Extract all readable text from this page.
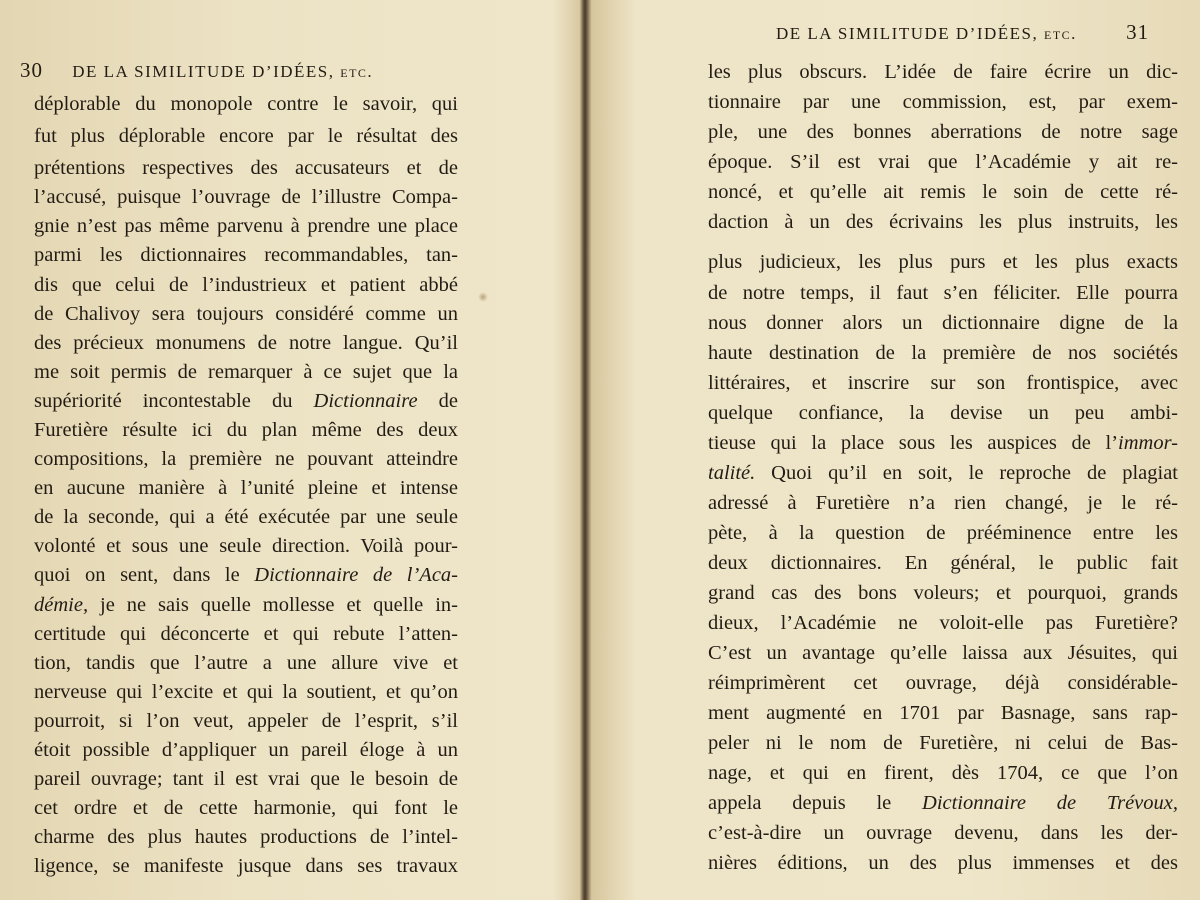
30 DE LA SIMILITUDE D’IDÉES, etc.
déplorable du monopole contre le savoir, qui
fut plus déplorable encore par le résultat des
prétentions respectives des accusateurs et de
l’accusé, puisque l’ouvrage de l’illustre Compa-
gnie n’est pas même parvenu à prendre une place
parmi les dictionnaires recommandables, tan-
dis que celui de l’industrieux et patient abbé
de Chalivoy sera toujours considéré comme un
des précieux monumens de notre langue. Qu’il
me soit permis de remarquer à ce sujet que la
supériorité incontestable du Dictionnaire de
Furetière résulte ici du plan même des deux
compositions, la première ne pouvant atteindre
en aucune manière à l’unité pleine et intense
de la seconde, qui a été exécutée par une seule
volonté et sous une seule direction. Voilà pour-
quoi on sent, dans le Dictionnaire de l’Aca-
démie, je ne sais quelle mollesse et quelle in-
certitude qui déconcerte et qui rebute l’atten-
tion, tandis que l’autre a une allure vive et
nerveuse qui l’excite et qui la soutient, et qu’on
pourroit, si l’on veut, appeler de l’esprit, s’il
étoit possible d’appliquer un pareil éloge à un
pareil ouvrage; tant il est vrai que le besoin de
cet ordre et de cette harmonie, qui font le
charme des plus hautes productions de l’intel-
ligence, se manifeste jusque dans ses travaux
DE LA SIMILITUDE D’IDÉES, etc. 31
les plus obscurs. L’idée de faire écrire un dic-
tionnaire par une commission, est, par exem-
ple, une des bonnes aberrations de notre sage
époque. S’il est vrai que l’Académie y ait re-
noncé, et qu’elle ait remis le soin de cette ré-
daction à un des écrivains les plus instruits, les
plus judicieux, les plus purs et les plus exacts
de notre temps, il faut s’en féliciter. Elle pourra
nous donner alors un dictionnaire digne de la
haute destination de la première de nos sociétés
littéraires, et inscrire sur son frontispice, avec
quelque confiance, la devise un peu ambi-
tieuse qui la place sous les auspices de l’immor-
talité. Quoi qu’il en soit, le reproche de plagiat
adressé à Furetière n’a rien changé, je le ré-
pète, à la question de prééminence entre les
deux dictionnaires. En général, le public fait
grand cas des bons voleurs; et pourquoi, grands
dieux, l’Académie ne voloit-elle pas Furetière?
C’est un avantage qu’elle laissa aux Jésuites, qui
réimprimèrent cet ouvrage, déjà considérable-
ment augmenté en 1701 par Basnage, sans rap-
peler ni le nom de Furetière, ni celui de Bas-
nage, et qui en firent, dès 1704, ce que l’on
appela depuis le Dictionnaire de Trévoux,
c’est-à-dire un ouvrage devenu, dans les der-
nières éditions, un des plus immenses et des
